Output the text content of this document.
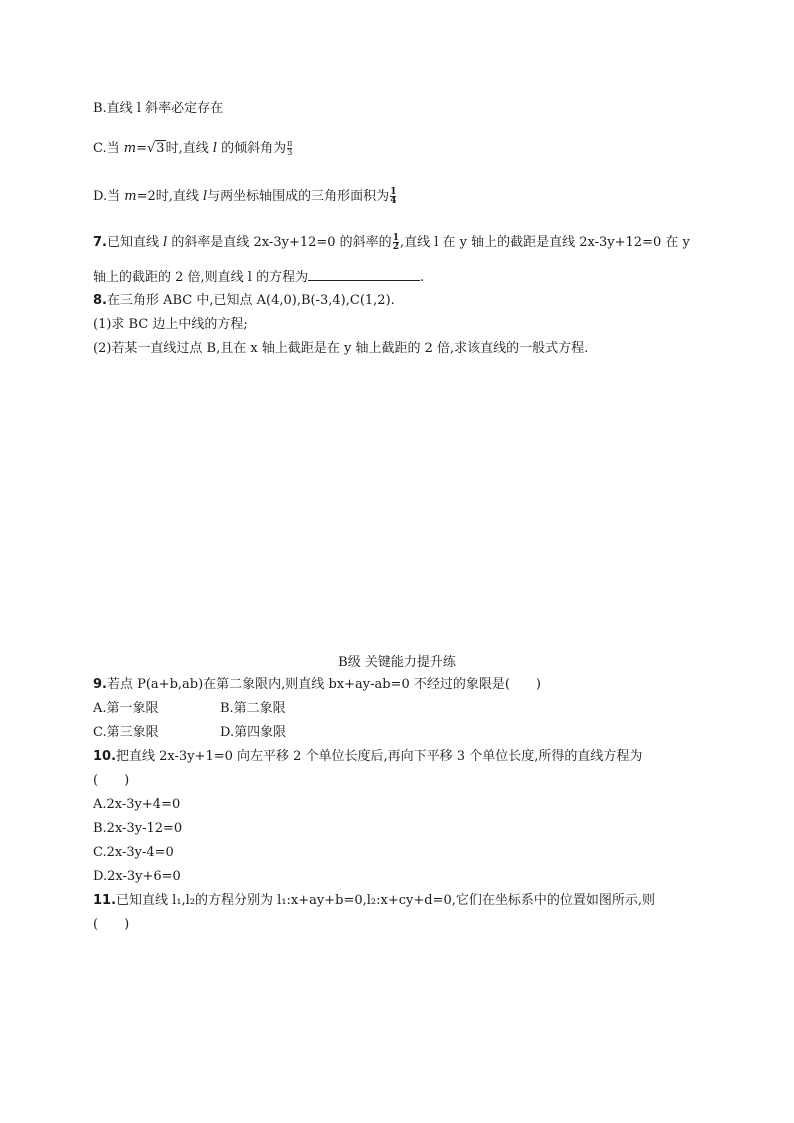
B.直线 l 斜率必定存在
C.当 m=√3时,直线 l 的倾斜角为 $\frac{\pi}{3}$
D.当 m=2时,直线 l与两坐标轴围成的三角形面积为 $\frac{1}{4}$
7.已知直线 l 的斜率是直线 2x-3y+12=0 的斜率的 $\frac{1}{2}$ ,直线 l 在 y 轴上的截距是直线 2x-3y+12=0 在 y
轴上的截距的 2 倍,则直线 l 的方程为	.
8.在三角形 ABC 中,已知点 A(4,0),B(-3,4),C(1,2).
(1)求 BC 边上中线的方程;
(2)若某一直线过点 B,且在 x 轴上截距是在 y 轴上截距的 2 倍,求该直线的一般式方程.
B级 关键能力提升练
9.若点 P(a+b,ab)在第二象限内,则直线 bx+ay-ab=0 不经过的象限是(　　)
A.第一象限	B.第二象限
C.第三象限	D.第四象限
10.把直线 2x-3y+1=0 向左平移 2 个单位长度后,再向下平移 3 个单位长度,所得的直线方程为
(　　)
A.2x-3y+4=0
B.2x-3y-12=0
C.2x-3y-4=0
D.2x-3y+6=0
11.已知直线 l₁,l₂的方程分别为 l₁:x+ay+b=0,l₂:x+cy+d=0,它们在坐标系中的位置如图所示,则
(　　)
